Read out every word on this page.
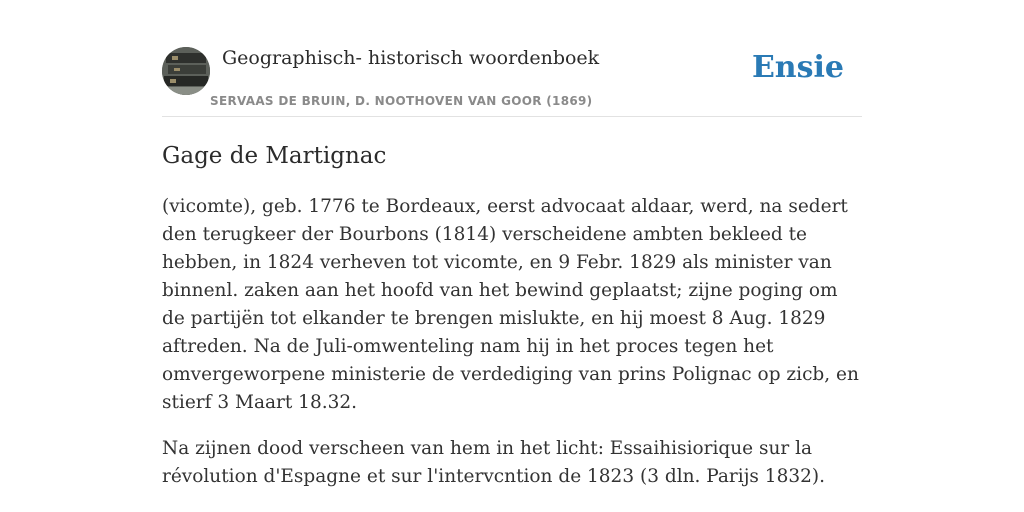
Geographisch- historisch woordenboek
SERVAAS DE BRUIN, D. NOOTHOVEN VAN GOOR (1869)
Ensie
Gage de Martignac

(vicomte), geb. 1776 te Bordeaux, eerst advocaat aldaar, werd, na sedert den terugkeer der Bourbons (1814) verscheidene ambten bekleed te hebben, in 1824 verheven tot vicomte, en 9 Febr. 1829 als minister van binnenl. zaken aan het hoofd van het bewind geplaatst; zijne poging om de partijën tot elkander te brengen mislukte, en hij moest 8 Aug. 1829 aftreden. Na de Juli-omwenteling nam hij in het proces tegen het omvergeworpene ministerie de verdediging van prins Polignac op zicb, en stierf 3 Maart 18.32.

Na zijnen dood verscheen van hem in het licht: Essaihisiorique sur la révolution d'Espagne et sur l'intervcntion de 1823 (3 dln. Parijs 1832).
